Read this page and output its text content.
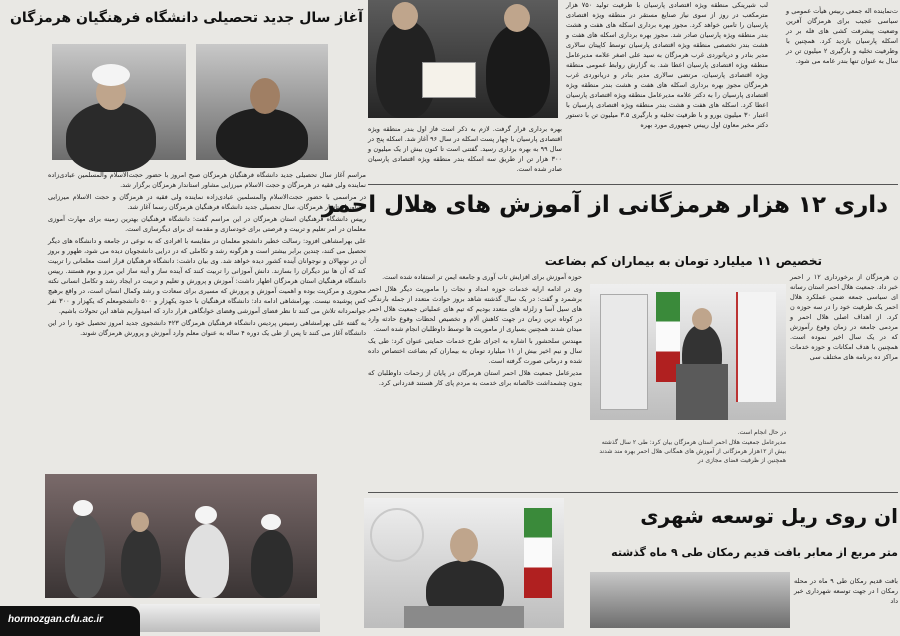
آغاز سال جدید تحصیلی دانشگاه فرهنگیان هرمزگان

مراسم آغاز سال تحصیلی جدید دانشگاه فرهنگیان هرمزگان صبح امروز با حضور حجت‌الاسلام والمسلمین عبادی‌زاده نماینده ولی فقیه در هرمزگان و حجت الاسلام میرزایی مشاور استاندار هرمزگان برگزار شد.

در مراسمی با حضور حجت‌الاسلام والمسلمین عبادی‌زاده نماینده ولی فقیه در هرمزگان و حجت الاسلام میرزایی مشاور استاندار هرمزگان، سال تحصیلی جدید دانشگاه فرهنگیان هرمزگان رسما آغاز شد.

رییس دانشگاه فرهنگیان استان هرمزگان در این مراسم گفت: دانشگاه فرهنگیان بهترین زمینه برای مهارت آموزی معلمان در امر تعلیم و تربیت و فرصتی برای خودسازی و مقدمه ای برای دیگرسازی است.

علی بهرامشاهی افزود: رسالت خطیر دانشجو معلمان در مقایسه با افرادی که به نوعی در جامعه و دانشگاه های دیگر تحصیل می کنند، چندین برابر بیشتر است و هرگونه رشد و تکاملی که در درایی دانشجویان دیده می شود، ظهور و بروز آن در نونهالان و نوجوانان آینده کشور دیده خواهد شد. وی بیان داشت: دانشگاه فرهنگیان قرار است معلمانی را تربیت کند که آن ها نیز دیگران را بسازند. دانش آموزانی را تربیت کنند که آینده ساز و آینه ساز این مرز و بوم هستند. رییس دانشگاه فرهنگیان استان هرمزگان اظهار داشت: آموزش و پرورش و تعلیم و تربیت در ایجاد رشد و تکامل انسانی نکته محوری و مرکزیت بوده و اهمیت آموزش و پرورش که مسیری برای سعادت و رشد وکمال انسان است، در واقع برهیچ کس پوشیده نیست. بهرامشاهی ادامه داد: دانشگاه فرهنگیان با حدود یکهزار و ۵۰۰ دانشجومعلم که یکهزار و ۳۰۰ نفر جوانمردانه تلاش می کنند تا نظر فضای آموزشی وفضای خوابگاهی قرار دارد که امیدواریم شاهد این تحولات باشیم.

به گفته علی بهرامشاهی رسیس پردیس دانشگاه فرهنگیان هرمزگان ۴۲۳ دانشجوی جدید امروز تحصیل خود را در این دانشگاه آغاز می کنند تا پس از طی یک دوره ۴ ساله به عنوان معلم وارد آموزش و پرورش هرمزگان شوند.

بهره برداری قرار گرفت. لازم به ذکر است فاز اول بندر منطقه ویژه اقتصادی پارسیان با چهار پست اسکله در سال ۹۶ آغاز شد. اسکله پنج در سال ۹۹ به بهره برداری رسید. گفتنی است تا کنون بیش از یک میلیون و ۳۰۰ هزار تن از طریق سه اسکله بندر منطقه ویژه اقتصادی پارسیان صادر شده است.
لب شیرینکی منطقه ویژه اقتصادی پارسیان با ظرفیت تولید ۷۵۰ هزار مترمکعب در روز از سوی نیاز صنایع مستقر در منطقه ویژه اقتصادی پارسیان را تامین خواهد کرد. مجوز بهره برداری اسکله های هفت و هشت بندر منطقه ویژه پارسیان صادر شد. مجوز بهره برداری اسکله های هفت و هشت بندر تخصصی منطقه ویژه اقتصادی پارسیان توسط کاپیتان سالاری مدیر بنادر و دریانوردی غرب هرمزگان به سید علی اصغر علامه مدیرعامل منطقه ویژه اقتصادی پارسیان اعطا شد. به گزارش روابط عمومی منطقه ویژه اقتصادی پارسیان، مرتضی سالاری مدیر بنادر و دریانوردی غرب هرمزگان مجوز بهره برداری اسکله های هفت و هشت بندر منطقه ویژه اقتصادی پارسیان را به دکتر علامه مدیرعامل منطقه ویژه اقتصادی پارسیان اعطا کرد. اسکله های هفت و هشت بندر منطقه ویژه اقتصادی پارسیان با اعتبار ۳۰ میلیون یورو و با ظرفیت تخلیه و بارگیری ۳.۵ میلیون تن با دستور دکتر مخبر معاون اول رییس جمهوری مورد بهره
داری ۱۲ هزار هرمزگانی از آموزش های هلال احمر
تخصیص ۱۱ میلیارد تومان به بیماران کم بضاعت

حوزه آموزش برای افزایش تاب آوری و جامعه ایمن تر استفاده شده است.

وی در ادامه ارایه خدمات حوزه امداد و نجات را ماموریت دیگر هلال احمر برشمرد و گفت: در یک سال گذشته شاهد بروز حوادث متعدد از جمله بارندگی های سیل آسا و زلزله های متعدد بودیم که تیم های عملیاتی جمعیت هلال احمر در کوتاه ترین زمان در جهت کاهش آلام و تخصیص لحظات وقوع حادثه وارد میدان شدند همچنین بسیاری از ماموریت ها توسط داوطلبان انجام شده است.

مهندس سلحشور با اشاره به اجرای طرح خدمات حمایتی عنوان کرد: طی یک سال و نیم اخیر بیش از ۱۱ میلیارد تومان به بیماران کم بضاعت اختصاص داده شده و درمانی صورت گرفته است.

مدیرعامل جمعیت هلال احمر استان هرمزگان در پایان از زحمات داوطلبان که بدون چشمداشت خالصانه برای خدمت به مردم پای کار هستند قدردانی کرد.

در حال انجام است.
مدیرعامل جمعیت هلال احمر استان هرمزگان بیان کرد: طی ۲ سال گذشته بیش از ۱۲هزار هرمزگانی از آموزش های همگانی هلال احمر بهره مند شدند همچنین از ظرفیت فضای مجازی در
ت‌نماینده اله جمعی ربیس هیأت عمومی و سیاسی عجیب برای هرمزگان آفرین وضعیت پیشرفت کشی های فله بر در اسکله پارسیان بازدید کرد. همچنین با وظرفیت تخلیه و بارگیری ۲ میلیون تن در سال به عنوان تنها بندر عامه می شود.
ن هرمزگان از برخورداری ۱۲ ر احمر خبر داد. جمعیت هلال احمر استان رسانه ای سیاسی جمعه ضمن عملکرد هلال احمر یک ظرفیت خود را در سه حوزه ن کرد. از اهداف اصلی هلال احمر و مردمی جامعه در زمان وقوع رآموزش که در یک سال اخیر نموده است. همچنین با هدف امکانات و حوزه خدمات مراکز ده برنامه های مختلف سی
ان روی ریل توسعه شهری
متر مربع از معابر بافت قدیم رمکان طی ۹ ماه گذشته
بافت قدیم رمکان طی ۹ ماه در محله رمکان ا در جهت توسعه شهرداری خبر داد
hormozgan.cfu.ac.ir
